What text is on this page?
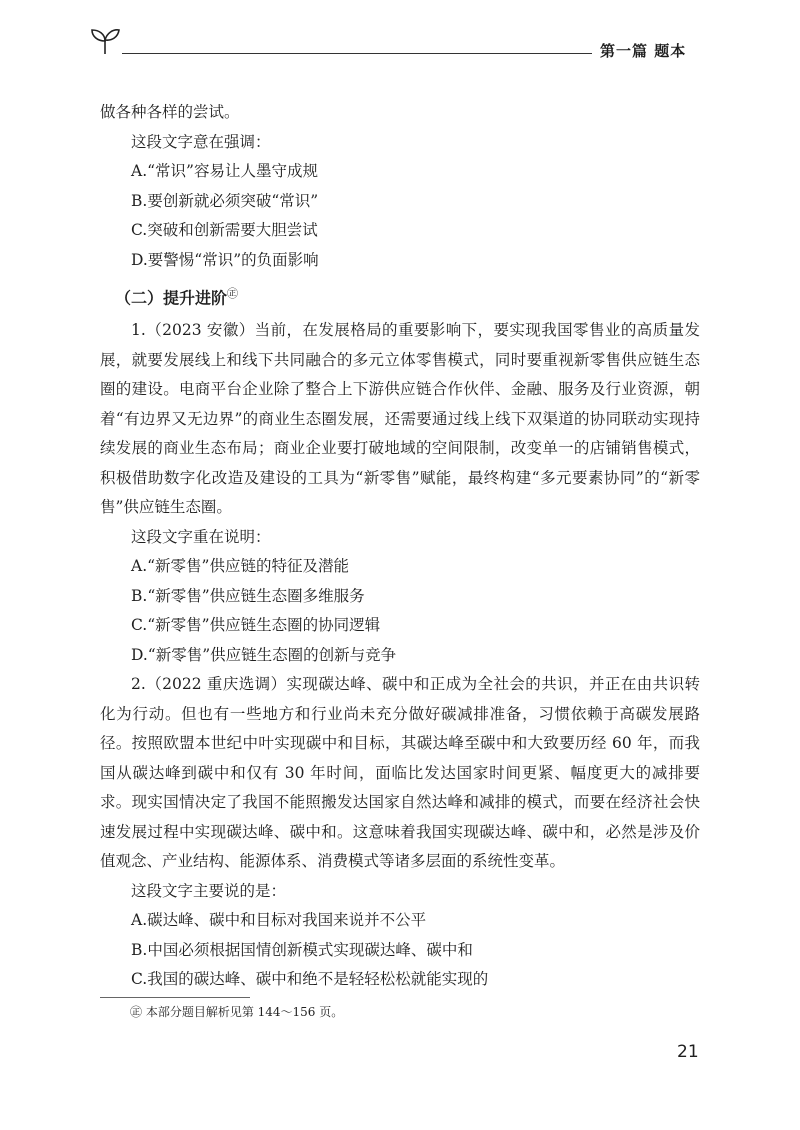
第一篇 题本

做各种各样的尝试。

这段文字意在强调：

A.“常识”容易让人墨守成规

B.要创新就必须突破“常识”

C.突破和创新需要大胆尝试

D.要警惕“常识”的负面影响

（二）提升进阶㊣

1.（2023 安徽）当前，在发展格局的重要影响下，要实现我国零售业的高质量发展，就要发展线上和线下共同融合的多元立体零售模式，同时要重视新零售供应链生态圈的建设。电商平台企业除了整合上下游供应链合作伙伴、金融、服务及行业资源，朝着“有边界又无边界”的商业生态圈发展，还需要通过线上线下双渠道的协同联动实现持续发展的商业生态布局；商业企业要打破地域的空间限制，改变单一的店铺销售模式，积极借助数字化改造及建设的工具为“新零售”赋能，最终构建“多元要素协同”的“新零售”供应链生态圈。

这段文字重在说明：

A.“新零售”供应链的特征及潜能

B.“新零售”供应链生态圈多维服务

C.“新零售”供应链生态圈的协同逻辑

D.“新零售”供应链生态圈的创新与竞争

2.（2022 重庆选调）实现碳达峰、碳中和正成为全社会的共识，并正在由共识转化为行动。但也有一些地方和行业尚未充分做好碳减排准备，习惯依赖于高碳发展路径。按照欧盟本世纪中叶实现碳中和目标，其碳达峰至碳中和大致要历经 60 年，而我国从碳达峰到碳中和仅有 30 年时间，面临比发达国家时间更紧、幅度更大的减排要求。现实国情决定了我国不能照搬发达国家自然达峰和减排的模式，而要在经济社会快速发展过程中实现碳达峰、碳中和。这意味着我国实现碳达峰、碳中和，必然是涉及价值观念、产业结构、能源体系、消费模式等诸多层面的系统性变革。

这段文字主要说的是：

A.碳达峰、碳中和目标对我国来说并不公平

B.中国必须根据国情创新模式实现碳达峰、碳中和

C.我国的碳达峰、碳中和绝不是轻轻松松就能实现的

㊣ 本部分题目解析见第 144～156 页。
21
